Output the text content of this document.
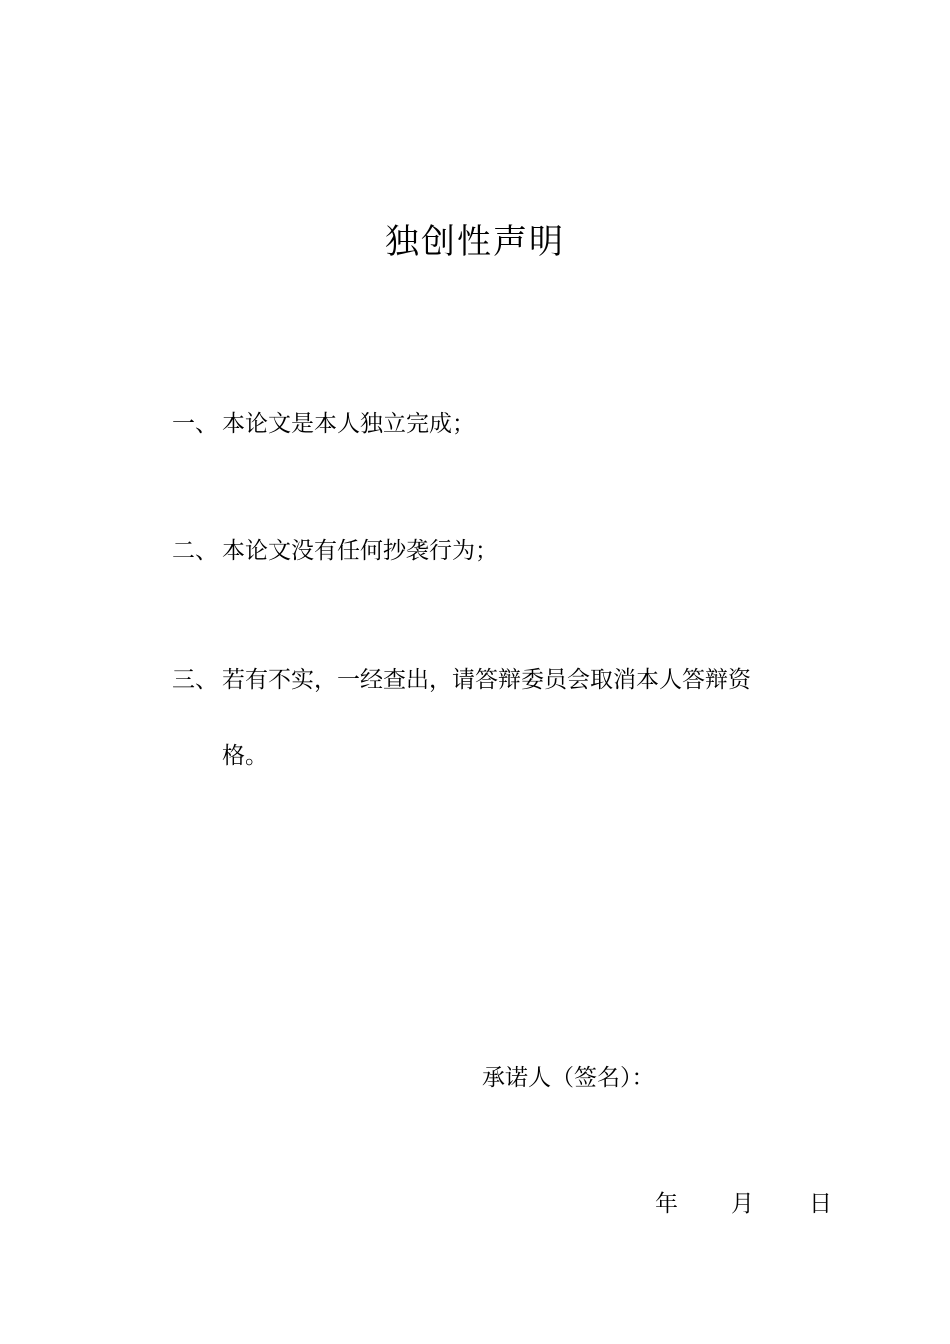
独创性声明
一、 本论文是本人独立完成；
二、 本论文没有任何抄袭行为；
三、 若有不实，一经查出，请答辩委员会取消本人答辩资
格。
承诺人（签名）：
年 月 日
